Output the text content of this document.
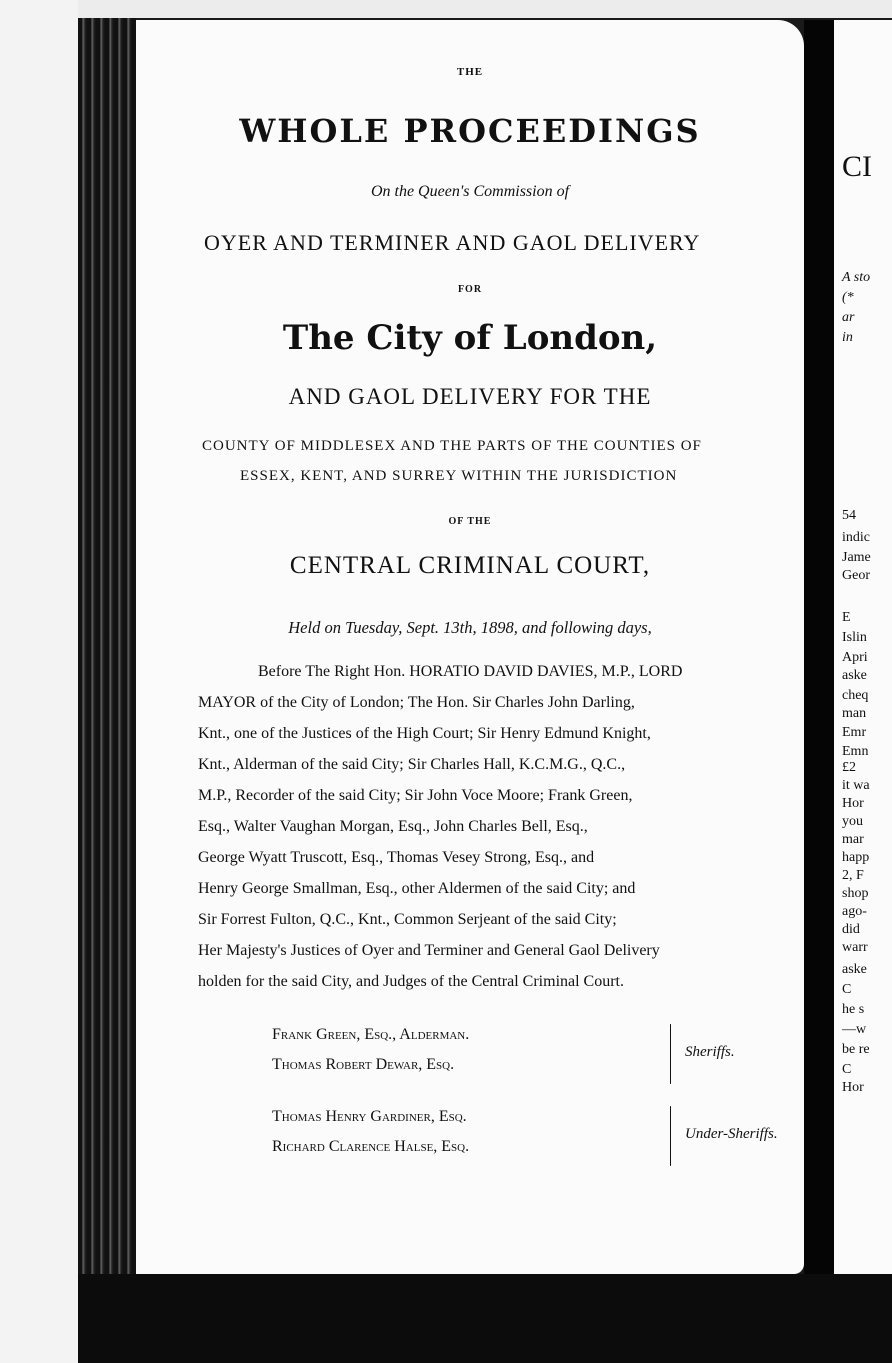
THE
WHOLE PROCEEDINGS
On the Queen's Commission of
OYER AND TERMINER AND GAOL DELIVERY
FOR
The City of London,
AND GAOL DELIVERY FOR THE
COUNTY OF MIDDLESEX AND THE PARTS OF THE COUNTIES OF
ESSEX, KENT, AND SURREY WITHIN THE JURISDICTION
OF THE
CENTRAL CRIMINAL COURT,
Held on Tuesday, Sept. 13th, 1898, and following days,
Before The Right Hon. HORATIO DAVID DAVIES, M.P., LORD
MAYOR of the City of London; The Hon. Sir Charles John Darling,
Knt., one of the Justices of the High Court; Sir Henry Edmund Knight,
Knt., Alderman of the said City; Sir Charles Hall, K.C.M.G., Q.C.,
M.P., Recorder of the said City; Sir John Voce Moore; Frank Green,
Esq., Walter Vaughan Morgan, Esq., John Charles Bell, Esq.,
George Wyatt Truscott, Esq., Thomas Vesey Strong, Esq., and
Henry George Smallman, Esq., other Aldermen of the said City; and
Sir Forrest Fulton, Q.C., Knt., Common Serjeant of the said City;
Her Majesty's Justices of Oyer and Terminer and General Gaol Delivery
holden for the said City, and Judges of the Central Criminal Court.
Frank Green, Esq., Alderman.
Thomas Robert Dewar, Esq.
Sheriffs.
Thomas Henry Gardiner, Esq.
Richard Clarence Halse, Esq.
Under-Sheriffs.
CI
A sto
(*
ar
in
54
indic
Jame
Geor
E
Islin
Apri
aske
cheq
man
Emr
Emn
£2
it wa
Hor
you
mar
happ
2, F
shop
ago-
did
warr
aske
C
he s
—w
be re
C
Hor
